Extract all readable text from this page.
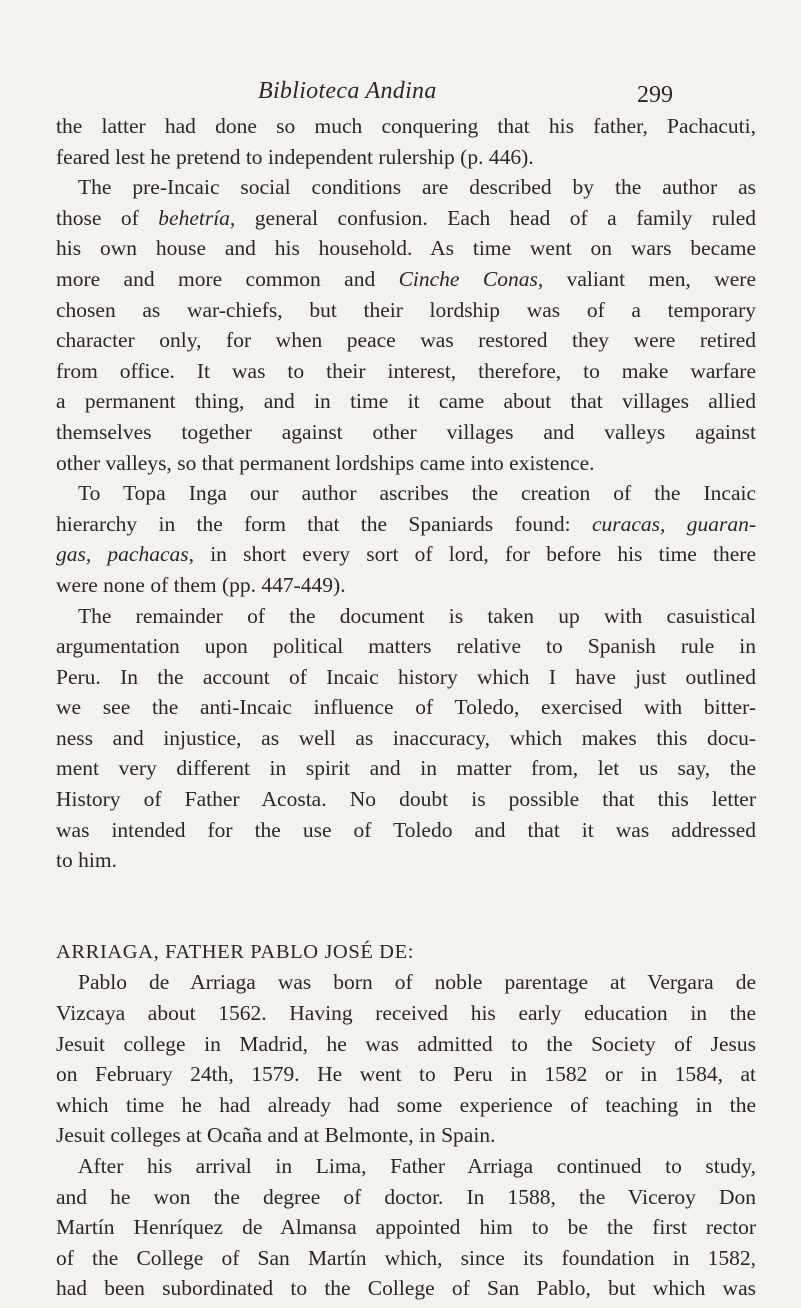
Biblioteca Andina	299
the latter had done so much conquering that his father, Pachacuti,
feared lest he pretend to independent rulership (p. 446).
The pre-Incaic social conditions are described by the author as
those of behetría, general confusion. Each head of a family ruled
his own house and his household. As time went on wars became
more and more common and Cinche Conas, valiant men, were
chosen as war-chiefs, but their lordship was of a temporary
character only, for when peace was restored they were retired
from office. It was to their interest, therefore, to make warfare
a permanent thing, and in time it came about that villages allied
themselves together against other villages and valleys against
other valleys, so that permanent lordships came into existence.
To Topa Inga our author ascribes the creation of the Incaic
hierarchy in the form that the Spaniards found: curacas, guaran-
gas, pachacas, in short every sort of lord, for before his time there
were none of them (pp. 447-449).
The remainder of the document is taken up with casuistical
argumentation upon political matters relative to Spanish rule in
Peru. In the account of Incaic history which I have just outlined
we see the anti-Incaic influence of Toledo, exercised with bitter-
ness and injustice, as well as inaccuracy, which makes this docu-
ment very different in spirit and in matter from, let us say, the
History of Father Acosta. No doubt is possible that this letter
was intended for the use of Toledo and that it was addressed
to him.
ARRIAGA, FATHER PABLO JOSÉ DE:
Pablo de Arriaga was born of noble parentage at Vergara de
Vizcaya about 1562. Having received his early education in the
Jesuit college in Madrid, he was admitted to the Society of Jesus
on February 24th, 1579. He went to Peru in 1582 or in 1584, at
which time he had already had some experience of teaching in the
Jesuit colleges at Ocaña and at Belmonte, in Spain.
After his arrival in Lima, Father Arriaga continued to study,
and he won the degree of doctor. In 1588, the Viceroy Don
Martín Henríquez de Almansa appointed him to be the first rector
of the College of San Martín which, since its foundation in 1582,
had been subordinated to the College of San Pablo, but which was
